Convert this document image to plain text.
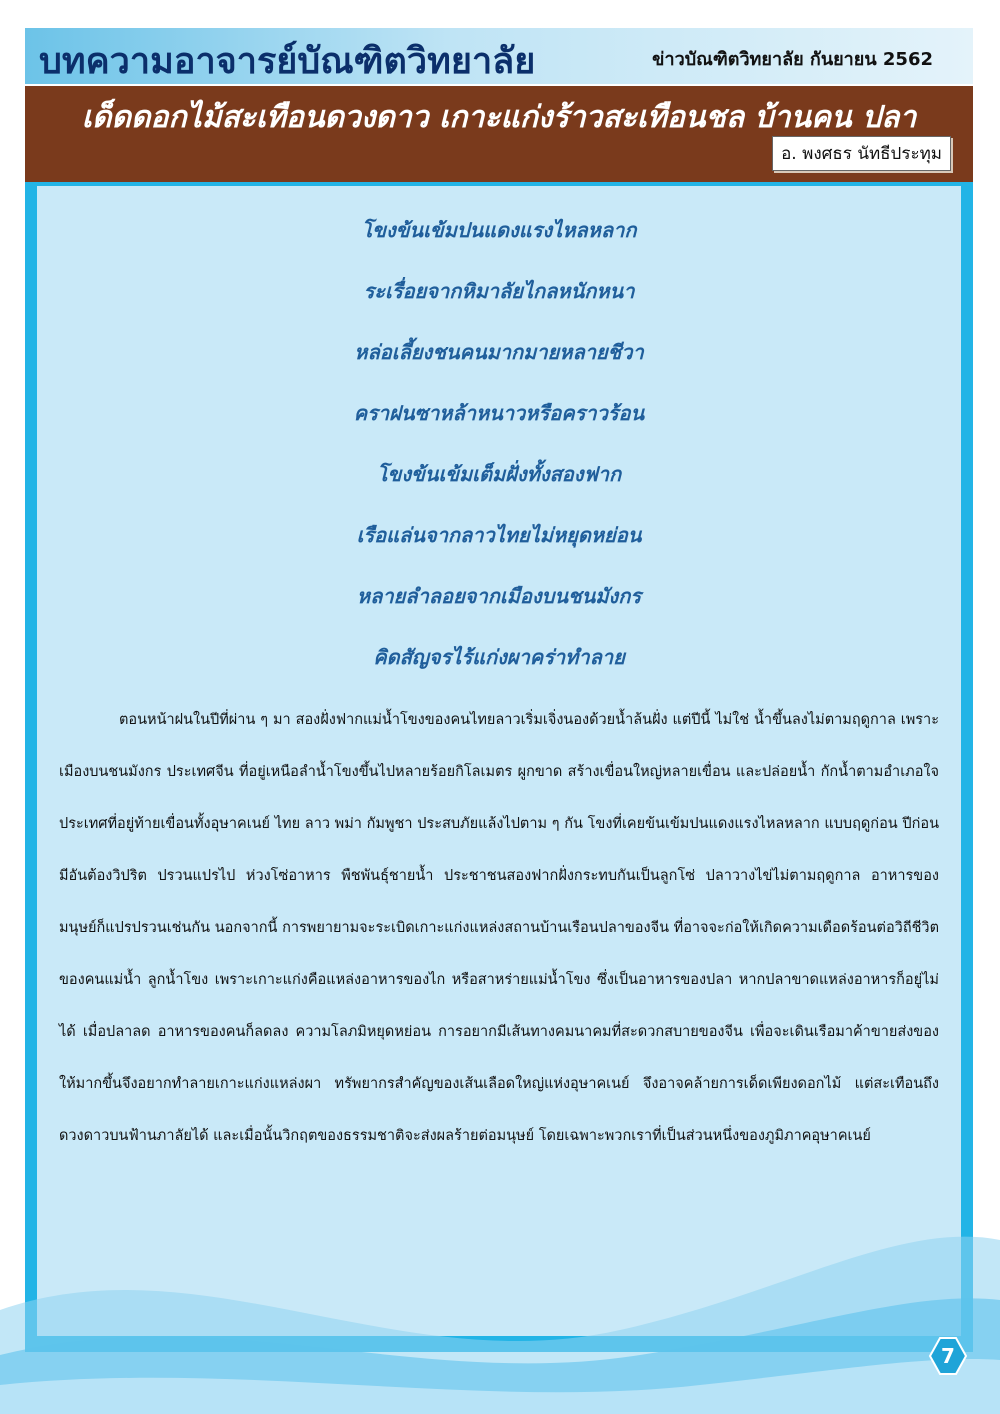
บทความอาจารย์บัณฑิตวิทยาลัย	ข่าวบัณฑิตวิทยาลัย กันยายน 2562
เด็ดดอกไม้สะเทือนดวงดาว เกาะแก่งร้าวสะเทือนชล บ้านคน ปลา
อ. พงศธร นัทธีประทุม
โขงข้นเข้มปนแดงแรงไหลหลาก
ระเรื่อยจากหิมาลัยไกลหนักหนา
หล่อเลี้ยงชนคนมากมายหลายชีวา
คราฝนซาหล้าหนาวหรือคราวร้อน
โขงข้นเข้มเต็มฝั่งทั้งสองฟาก
เรือแล่นจากลาวไทยไม่หยุดหย่อน
หลายลำลอยจากเมืองบนชนมังกร
คิดสัญจรไร้แก่งผาคร่าทำลาย

ตอนหน้าฝนในปีที่ผ่าน ๆ มา สองฝั่งฟากแม่น้ำโขงของคนไทยลาวเริ่มเจิ่งนองด้วยน้ำล้นฝั่ง แต่ปีนี้ ไม่ใช่ น้ำขึ้นลงไม่ตามฤดูกาล เพราะเมืองบนชนมังกร ประเทศจีน ที่อยู่เหนือลำน้ำโขงขึ้นไปหลายร้อยกิโลเมตร ผูกขาด สร้างเขื่อนใหญ่หลายเขื่อน และปล่อยน้ำ กักน้ำตามอำเภอใจ ประเทศที่อยู่ท้ายเขื่อนทั้งอุษาคเนย์ ไทย ลาว พม่า กัมพูชา ประสบภัยแล้งไปตาม ๆ กัน โขงที่เคยข้นเข้มปนแดงแรงไหลหลาก แบบฤดูก่อน ปีก่อน มีอันต้องวิปริต ปรวนแปรไป ห่วงโซ่อาหาร พืชพันธุ์ชายน้ำ ประชาชนสองฟากฝั่งกระทบกันเป็นลูกโซ่ ปลาวางไข่ไม่ตามฤดูกาล อาหารของมนุษย์ก็แปรปรวนเช่นกัน นอกจากนี้ การพยายามจะระเบิดเกาะแก่งแหล่งสถานบ้านเรือนปลาของจีน ที่อาจจะก่อให้เกิดความเดือดร้อนต่อวิถีชีวิตของคนแม่น้ำ ลูกน้ำโขง เพราะเกาะแก่งคือแหล่งอาหารของไก หรือสาหร่ายแม่น้ำโขง ซึ่งเป็นอาหารของปลา หากปลาขาดแหล่งอาหารก็อยู่ไม่ได้ เมื่อปลาลด อาหารของคนก็ลดลง ความโลภมิหยุดหย่อน การอยากมีเส้นทางคมนาคมที่สะดวกสบายของจีน เพื่อจะเดินเรือมาค้าขายส่งของให้มากขึ้นจึงอยากทำลายเกาะแก่งแหล่งผา ทรัพยากรสำคัญของเส้นเลือดใหญ่แห่งอุษาคเนย์ จึงอาจคล้ายการเด็ดเพียงดอกไม้ แต่สะเทือนถึงดวงดาวบนฟ้านภาลัยได้ และเมื่อนั้นวิกฤตของธรรมชาติจะส่งผลร้ายต่อมนุษย์ โดยเฉพาะพวกเราที่เป็นส่วนหนึ่งของภูมิภาคอุษาคเนย์

7
